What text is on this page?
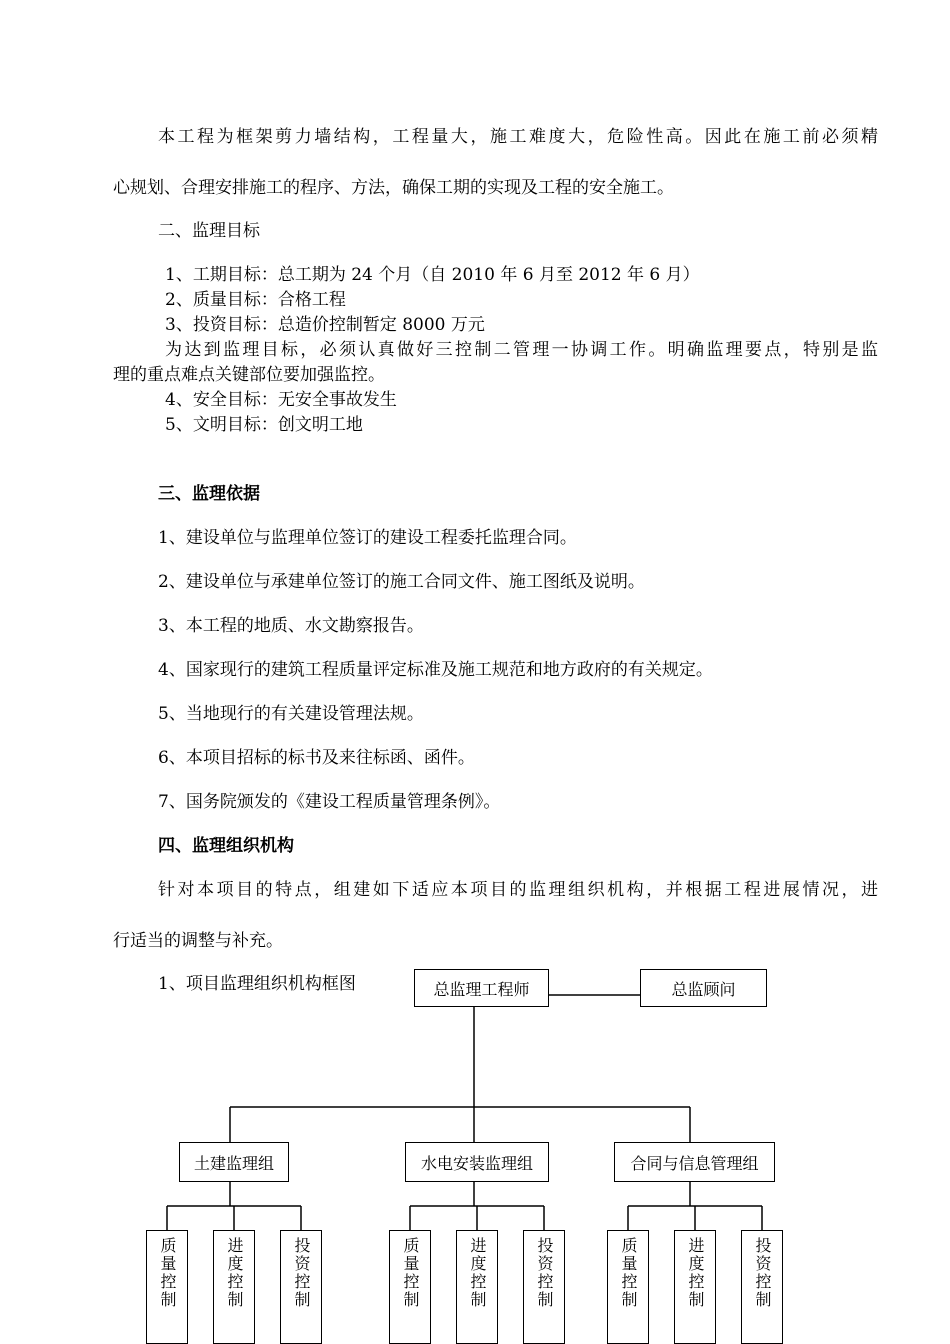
本工程为框架剪力墙结构，工程量大，施工难度大，危险性高。因此在施工前必须精
心规划、合理安排施工的程序、方法，确保工期的实现及工程的安全施工。
二、监理目标
1、工期目标：总工期为 24 个月（自 2010 年 6 月至 2012 年 6 月）
2、质量目标：合格工程
3、投资目标：总造价控制暂定 8000 万元
为达到监理目标，必须认真做好三控制二管理一协调工作。明确监理要点，特别是监
理的重点难点关键部位要加强监控。
4、安全目标：无安全事故发生
5、文明目标：创文明工地
三、监理依据
1、建设单位与监理单位签订的建设工程委托监理合同。
2、建设单位与承建单位签订的施工合同文件、施工图纸及说明。
3、本工程的地质、水文勘察报告。
4、国家现行的建筑工程质量评定标准及施工规范和地方政府的有关规定。
5、当地现行的有关建设管理法规。
6、本项目招标的标书及来往标函、函件。
7、国务院颁发的《建设工程质量管理条例》。
四、监理组织机构
针对本项目的特点，组建如下适应本项目的监理组织机构，并根据工程进展情况，进
行适当的调整与补充。
1、项目监理组织机构框图	总监理工程师	总监顾问
土建监理组	水电安装监理组	合同与信息管理组
质量控制	进度控制	投资控制	质量控制	进度控制	投资控制	质量控制	进度控制	投资控制
